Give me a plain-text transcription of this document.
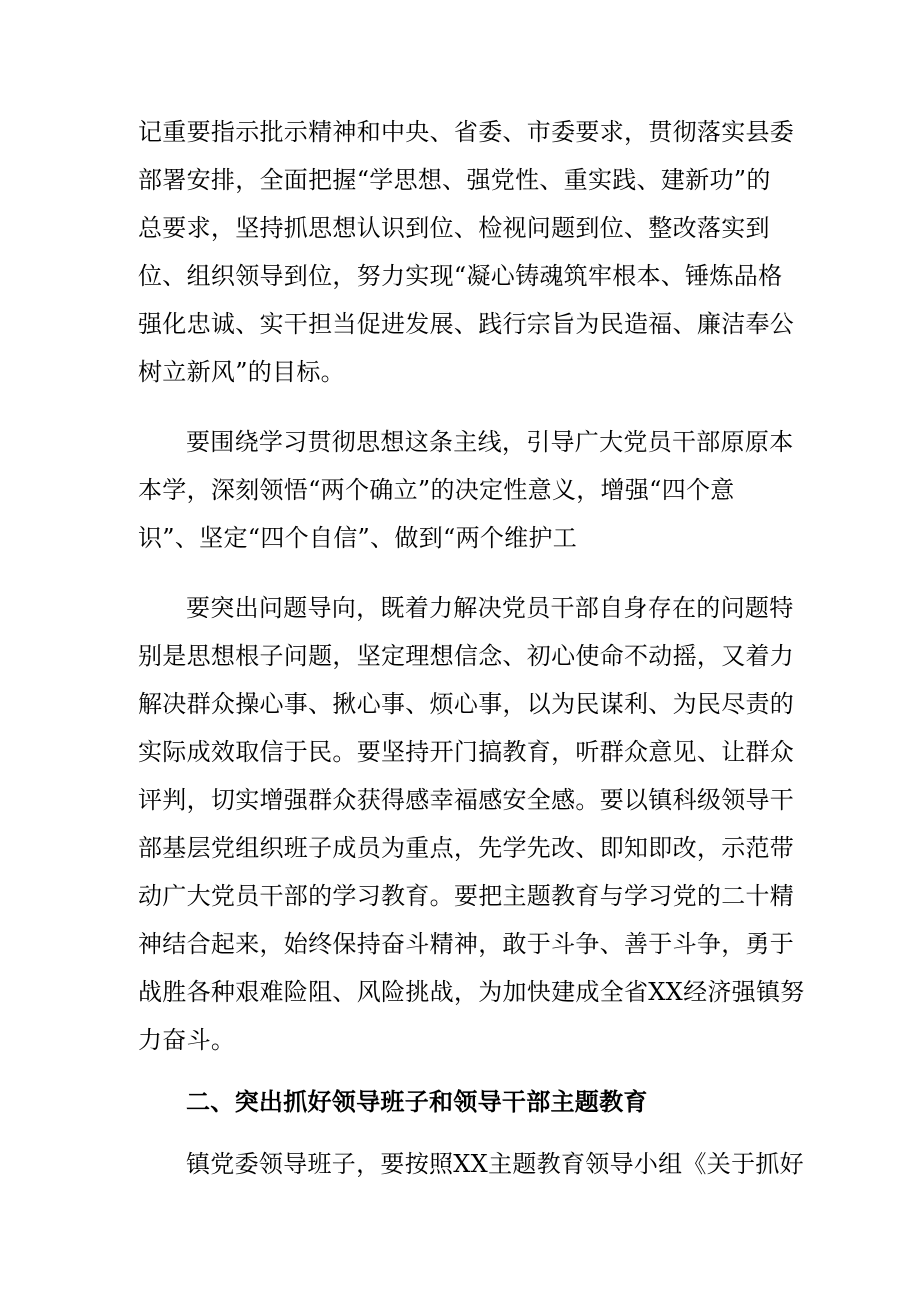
记重要指示批示精神和中央、省委、市委要求，贯彻落实县委
部署安排，全面把握“学思想、强党性、重实践、建新功”的
总要求，坚持抓思想认识到位、检视问题到位、整改落实到
位、组织领导到位，努力实现“凝心铸魂筑牢根本、锤炼品格
强化忠诚、实干担当促进发展、践行宗旨为民造福、廉洁奉公
树立新风”的目标。
要围绕学习贯彻思想这条主线，引导广大党员干部原原本
本学，深刻领悟“两个确立”的决定性意义，增强“四个意
识”、坚定“四个自信”、做到“两个维护工
要突出问题导向，既着力解决党员干部自身存在的问题特
别是思想根子问题，坚定理想信念、初心使命不动摇，又着力
解决群众操心事、揪心事、烦心事，以为民谋利、为民尽责的
实际成效取信于民。要坚持开门搞教育，听群众意见、让群众
评判，切实增强群众获得感幸福感安全感。要以镇科级领导干
部基层党组织班子成员为重点，先学先改、即知即改，示范带
动广大党员干部的学习教育。要把主题教育与学习党的二十精
神结合起来，始终保持奋斗精神，敢于斗争、善于斗争，勇于
战胜各种艰难险阻、风险挑战，为加快建成全省XX经济强镇努
力奋斗。
二、突出抓好领导班子和领导干部主题教育
镇党委领导班子，要按照XX主题教育领导小组《关于抓好
